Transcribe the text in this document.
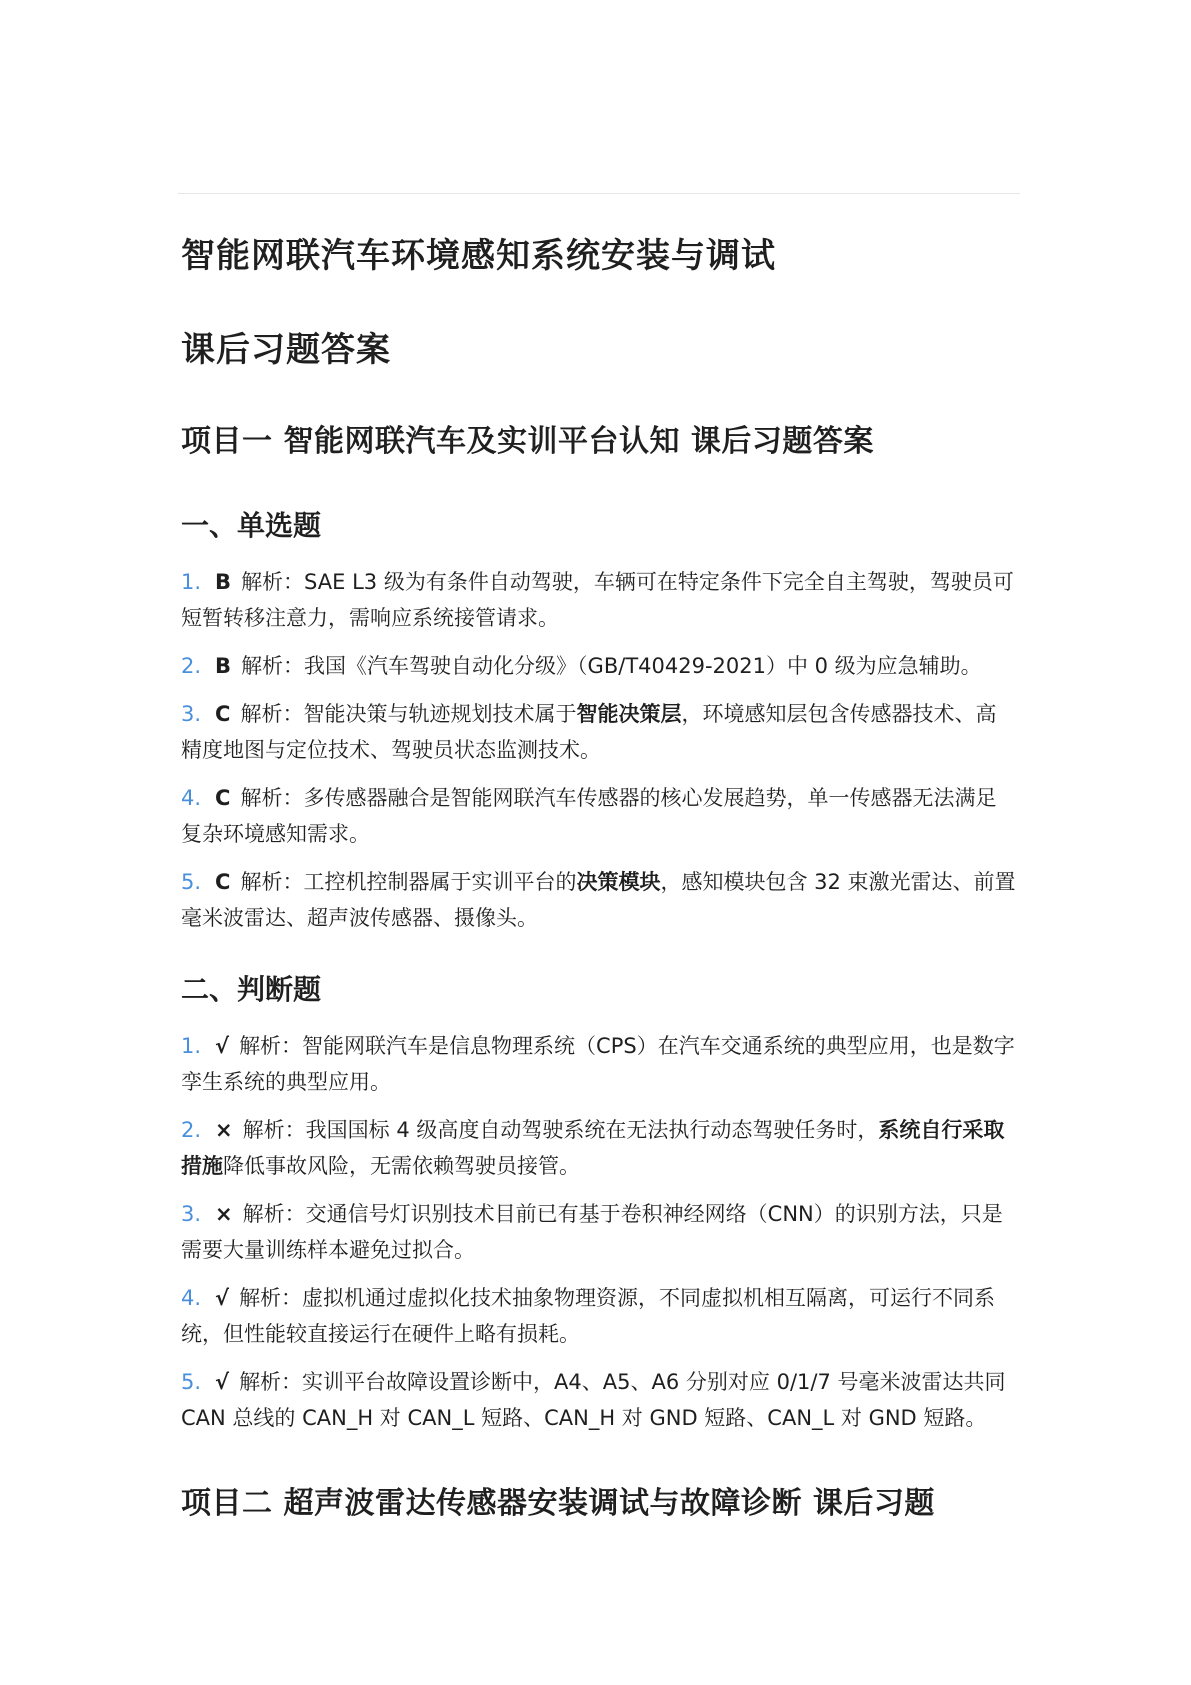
智能网联汽车环境感知系统安装与调试
课后习题答案
项目一 智能网联汽车及实训平台认知 课后习题答案
一、单选题
1. B 解析：SAE L3 级为有条件自动驾驶，车辆可在特定条件下完全自主驾驶，驾驶员可短暂转移注意力，需响应系统接管请求。
2. B 解析：我国《汽车驾驶自动化分级》（GB/T40429-2021）中 0 级为应急辅助。
3. C 解析：智能决策与轨迹规划技术属于智能决策层，环境感知层包含传感器技术、高精度地图与定位技术、驾驶员状态监测技术。
4. C 解析：多传感器融合是智能网联汽车传感器的核心发展趋势，单一传感器无法满足复杂环境感知需求。
5. C 解析：工控机控制器属于实训平台的决策模块，感知模块包含 32 束激光雷达、前置毫米波雷达、超声波传感器、摄像头。
二、判断题
1. √ 解析：智能网联汽车是信息物理系统（CPS）在汽车交通系统的典型应用，也是数字孪生系统的典型应用。
2. × 解析：我国国标 4 级高度自动驾驶系统在无法执行动态驾驶任务时，系统自行采取措施降低事故风险，无需依赖驾驶员接管。
3. × 解析：交通信号灯识别技术目前已有基于卷积神经网络（CNN）的识别方法，只是需要大量训练样本避免过拟合。
4. √ 解析：虚拟机通过虚拟化技术抽象物理资源，不同虚拟机相互隔离，可运行不同系统，但性能较直接运行在硬件上略有损耗。
5. √ 解析：实训平台故障设置诊断中，A4、A5、A6 分别对应 0/1/7 号毫米波雷达共同 CAN 总线的 CAN_H 对 CAN_L 短路、CAN_H 对 GND 短路、CAN_L 对 GND 短路。
项目二 超声波雷达传感器安装调试与故障诊断 课后习题
